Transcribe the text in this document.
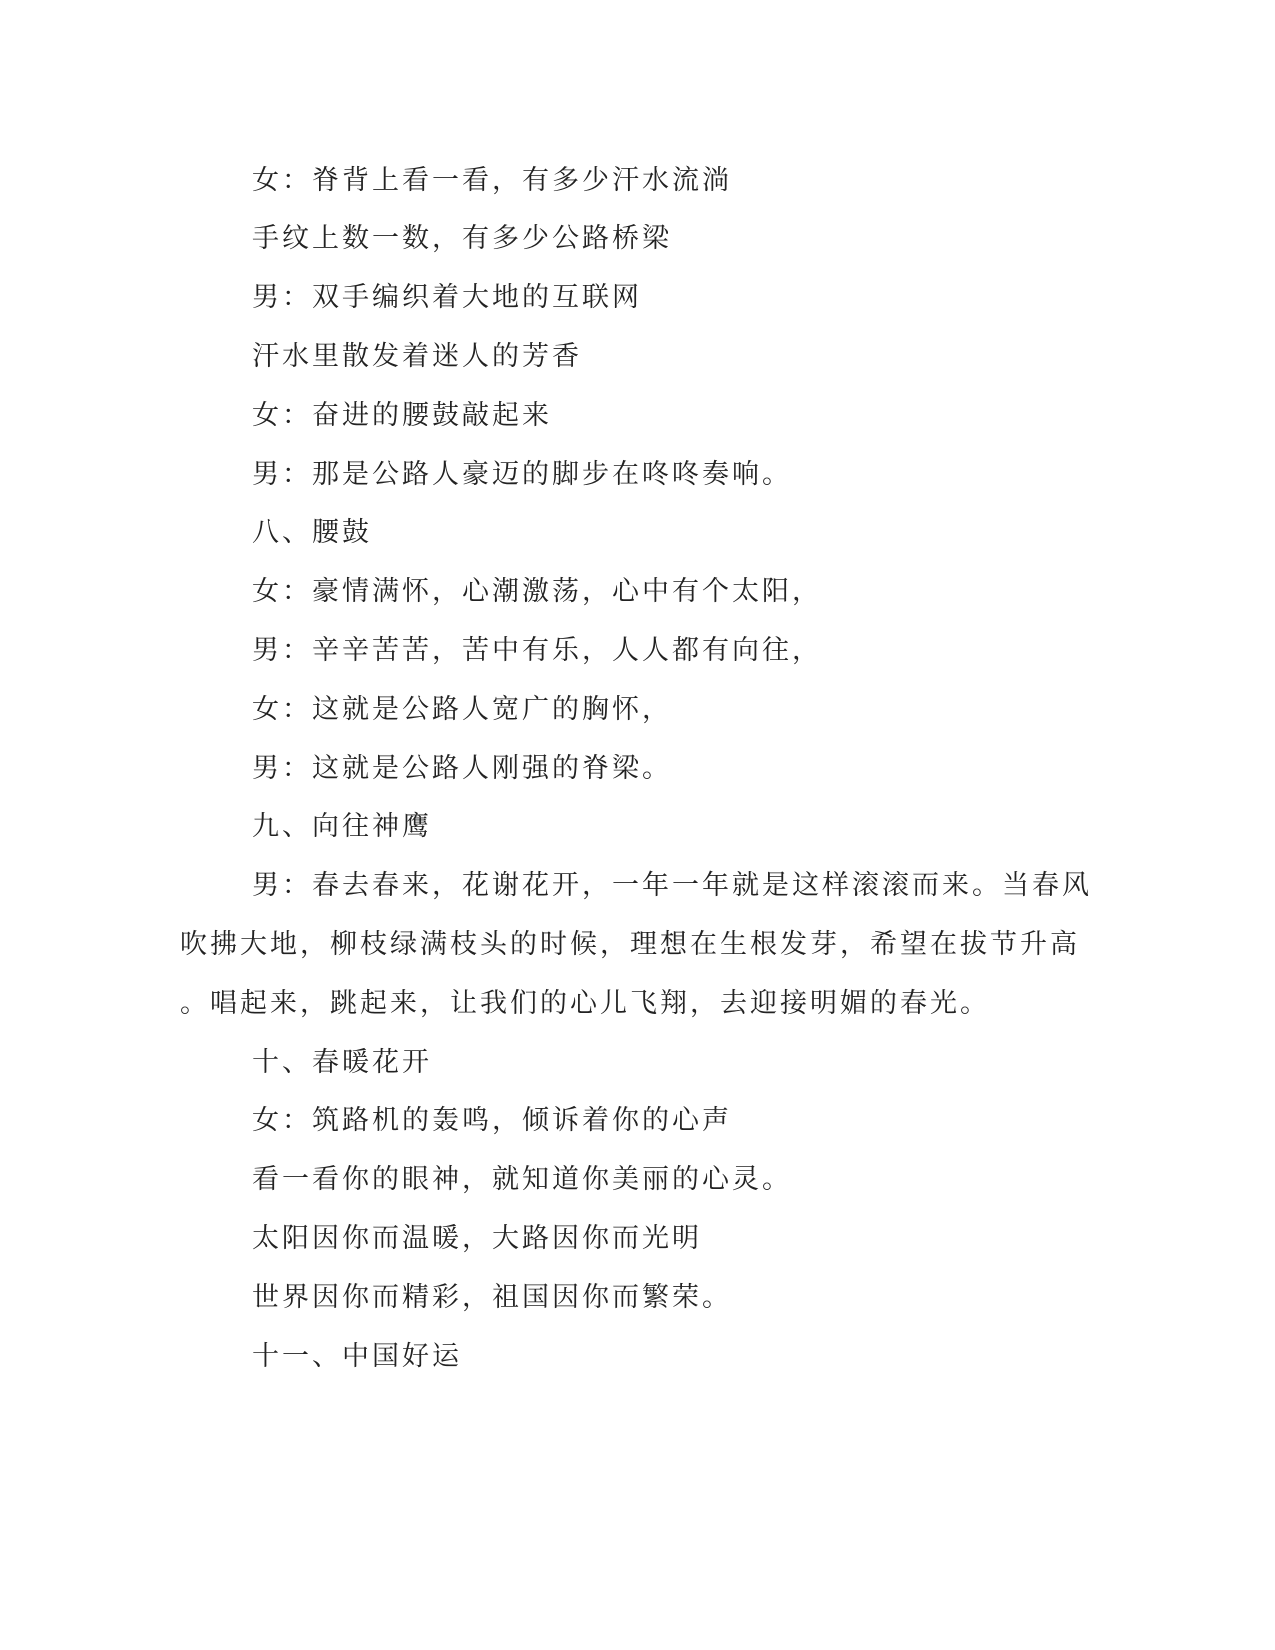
女：脊背上看一看，有多少汗水流淌
手纹上数一数，有多少公路桥梁
男：双手编织着大地的互联网
汗水里散发着迷人的芳香
女：奋进的腰鼓敲起来
男：那是公路人豪迈的脚步在咚咚奏响。
八、腰鼓
女：豪情满怀，心潮激荡，心中有个太阳，
男：辛辛苦苦，苦中有乐，人人都有向往，
女：这就是公路人宽广的胸怀，
男：这就是公路人刚强的脊梁。
九、向往神鹰
男：春去春来，花谢花开，一年一年就是这样滚滚而来。当春风
吹拂大地，柳枝绿满枝头的时候，理想在生根发芽，希望在拔节升高
。唱起来，跳起来，让我们的心儿飞翔，去迎接明媚的春光。
十、春暖花开
女：筑路机的轰鸣，倾诉着你的心声
看一看你的眼神，就知道你美丽的心灵。
太阳因你而温暖，大路因你而光明
世界因你而精彩，祖国因你而繁荣。
十一、中国好运
